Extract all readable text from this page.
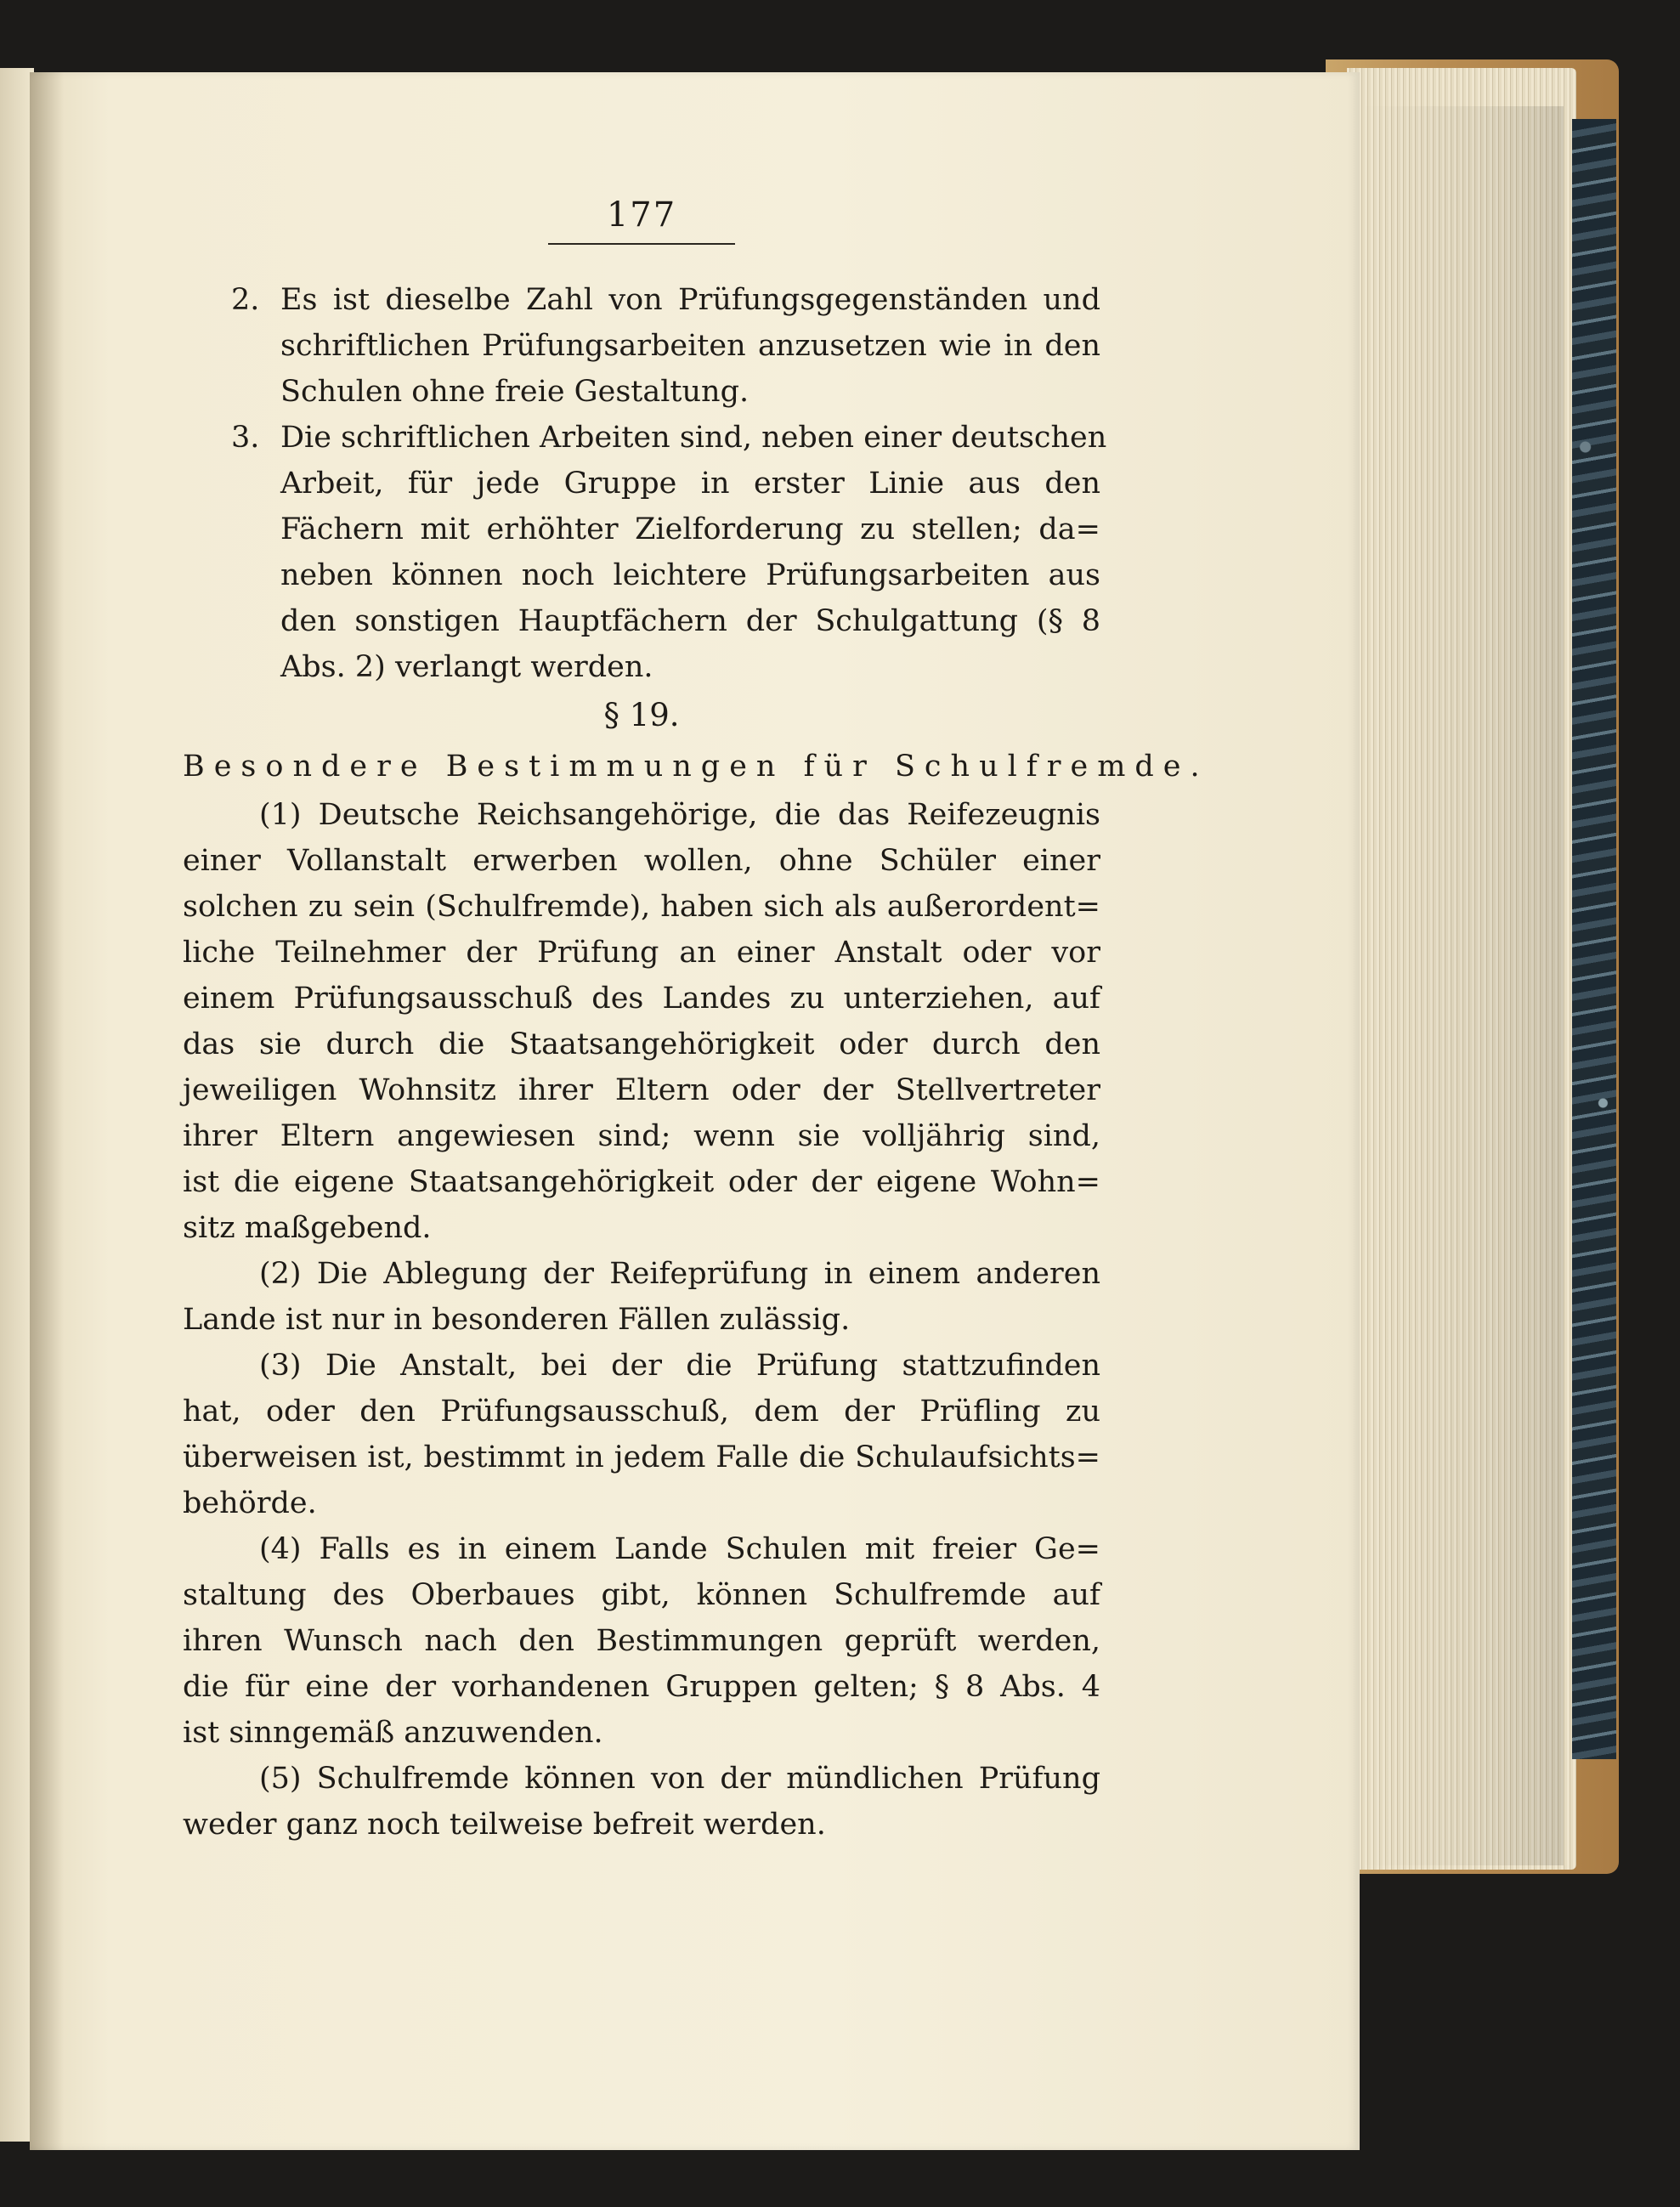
177
2. Es ist dieselbe Zahl von Prüfungsgegenständen und
schriftlichen Prüfungsarbeiten anzusetzen wie in den
Schulen ohne freie Gestaltung.
3. Die schriftlichen Arbeiten sind, neben einer deutschen
Arbeit, für jede Gruppe in erster Linie aus den
Fächern mit erhöhter Zielforderung zu stellen; da=
neben können noch leichtere Prüfungsarbeiten aus
den sonstigen Hauptfächern der Schulgattung (§ 8
Abs. 2) verlangt werden.
§ 19.
Besondere Bestimmungen für Schulfremde.
(1) Deutsche Reichsangehörige, die das Reifezeugnis
einer Vollanstalt erwerben wollen, ohne Schüler einer
solchen zu sein (Schulfremde), haben sich als außerordent=
liche Teilnehmer der Prüfung an einer Anstalt oder vor
einem Prüfungsausschuß des Landes zu unterziehen, auf
das sie durch die Staatsangehörigkeit oder durch den
jeweiligen Wohnsitz ihrer Eltern oder der Stellvertreter
ihrer Eltern angewiesen sind; wenn sie volljährig sind,
ist die eigene Staatsangehörigkeit oder der eigene Wohn=
sitz maßgebend.
(2) Die Ablegung der Reifeprüfung in einem anderen
Lande ist nur in besonderen Fällen zulässig.
(3) Die Anstalt, bei der die Prüfung stattzufinden
hat, oder den Prüfungsausschuß, dem der Prüfling zu
überweisen ist, bestimmt in jedem Falle die Schulaufsichts=
behörde.
(4) Falls es in einem Lande Schulen mit freier Ge=
staltung des Oberbaues gibt, können Schulfremde auf
ihren Wunsch nach den Bestimmungen geprüft werden,
die für eine der vorhandenen Gruppen gelten; § 8 Abs. 4
ist sinngemäß anzuwenden.
(5) Schulfremde können von der mündlichen Prüfung
weder ganz noch teilweise befreit werden.
